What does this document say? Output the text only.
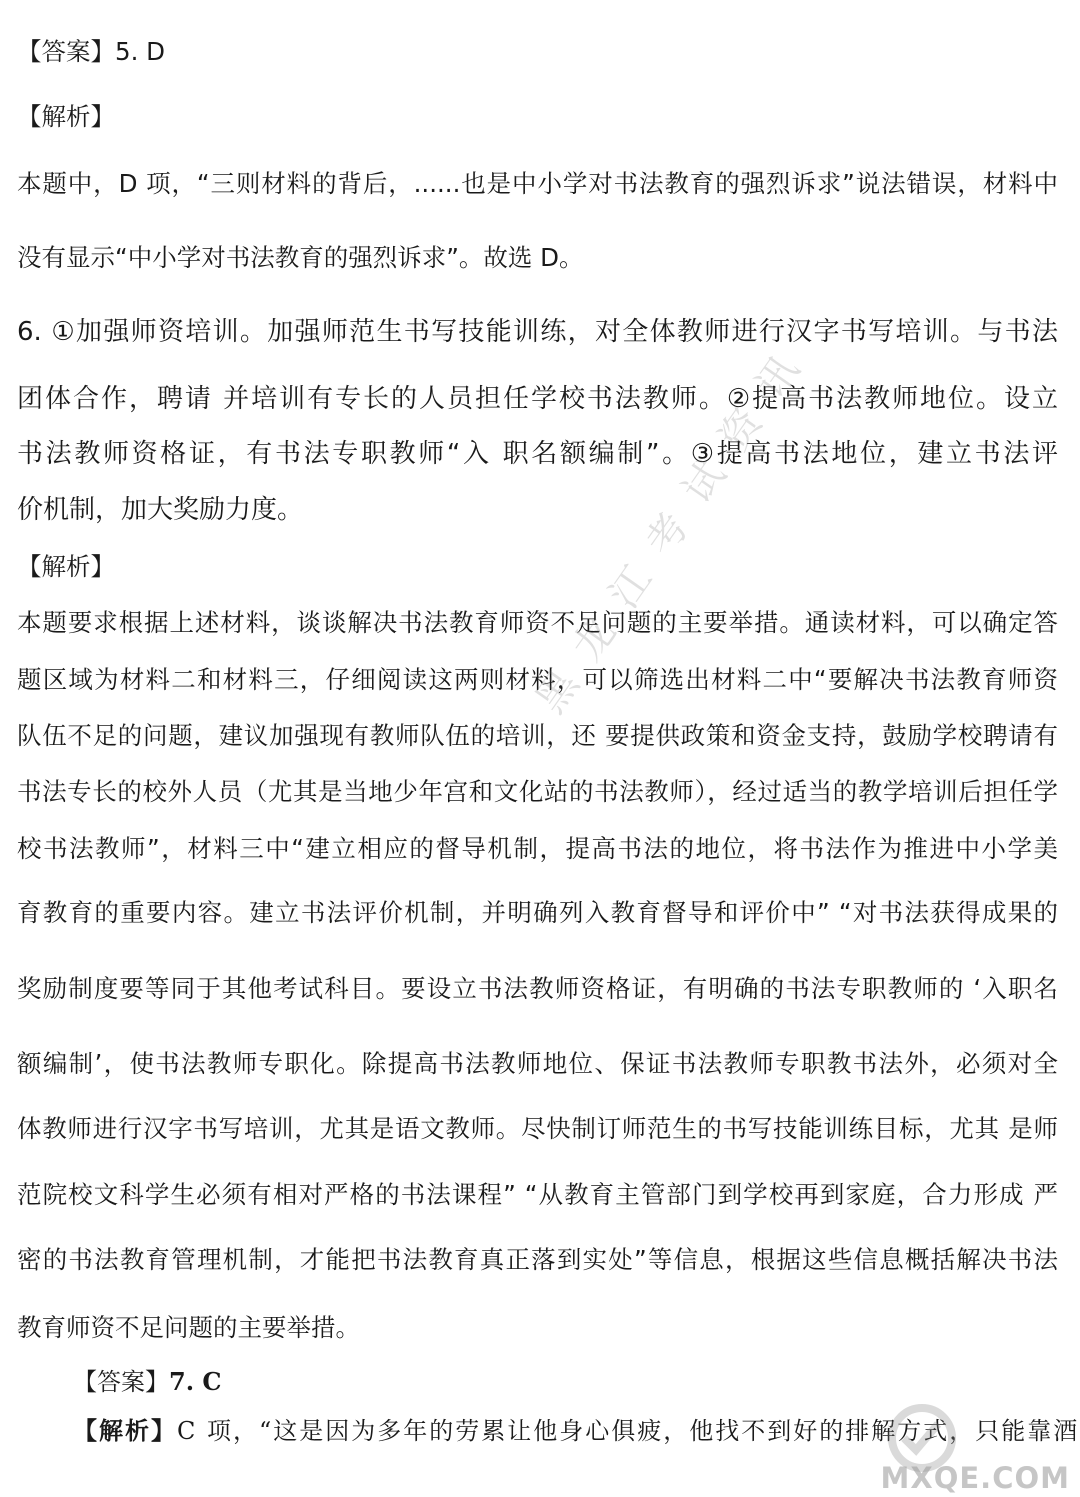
【答案】5. D
【解析】
本题中，D 项，“三则材料的背后，......也是中小学对书法教育的强烈诉求”说法错误，材料中
没有显示“中小学对书法教育的强烈诉求”。故选 D。
6. ①加强师资培训。加强师范生书写技能训练，对全体教师进行汉字书写培训。与书法
团体合作，聘请 并培训有专长的人员担任学校书法教师。②提高书法教师地位。设立
书法教师资格证，有书法专职教师“入 职名额编制”。③提高书法地位，建立书法评
价机制，加大奖励力度。
【解析】
本题要求根据上述材料，谈谈解决书法教育师资不足问题的主要举措。通读材料，可以确定答
题区域为材料二和材料三，仔细阅读这两则材料，可以筛选出材料二中“要解决书法教育师资
队伍不足的问题，建议加强现有教师队伍的培训，还 要提供政策和资金支持，鼓励学校聘请有
书法专长的校外人员（尤其是当地少年宫和文化站的书法教师），经过适当的教学培训后担任学
校书法教师”，材料三中“建立相应的督导机制，提高书法的地位，将书法作为推进中小学美
育教育的重要内容。建立书法评价机制，并明确列入教育督导和评价中” “对书法获得成果的
奖励制度要等同于其他考试科目。要设立书法教师资格证，有明确的书法专职教师的 ‘入职名
额编制’，使书法教师专职化。除提高书法教师地位、保证书法教师专职教书法外，必须对全
体教师进行汉字书写培训，尤其是语文教师。尽快制订师范生的书写技能训练目标，尤其 是师
范院校文科学生必须有相对严格的书法课程” “从教育主管部门到学校再到家庭，合力形成 严
密的书法教育管理机制，才能把书法教育真正落到实处”等信息，根据这些信息概括解决书法
教育师资不足问题的主要举措。
【答案】7. C
【解析】C 项，“这是因为多年的劳累让他身心俱疲，他找不到好的排解方式，只能靠酒
黑龙江考试资讯
MXQE.COM
